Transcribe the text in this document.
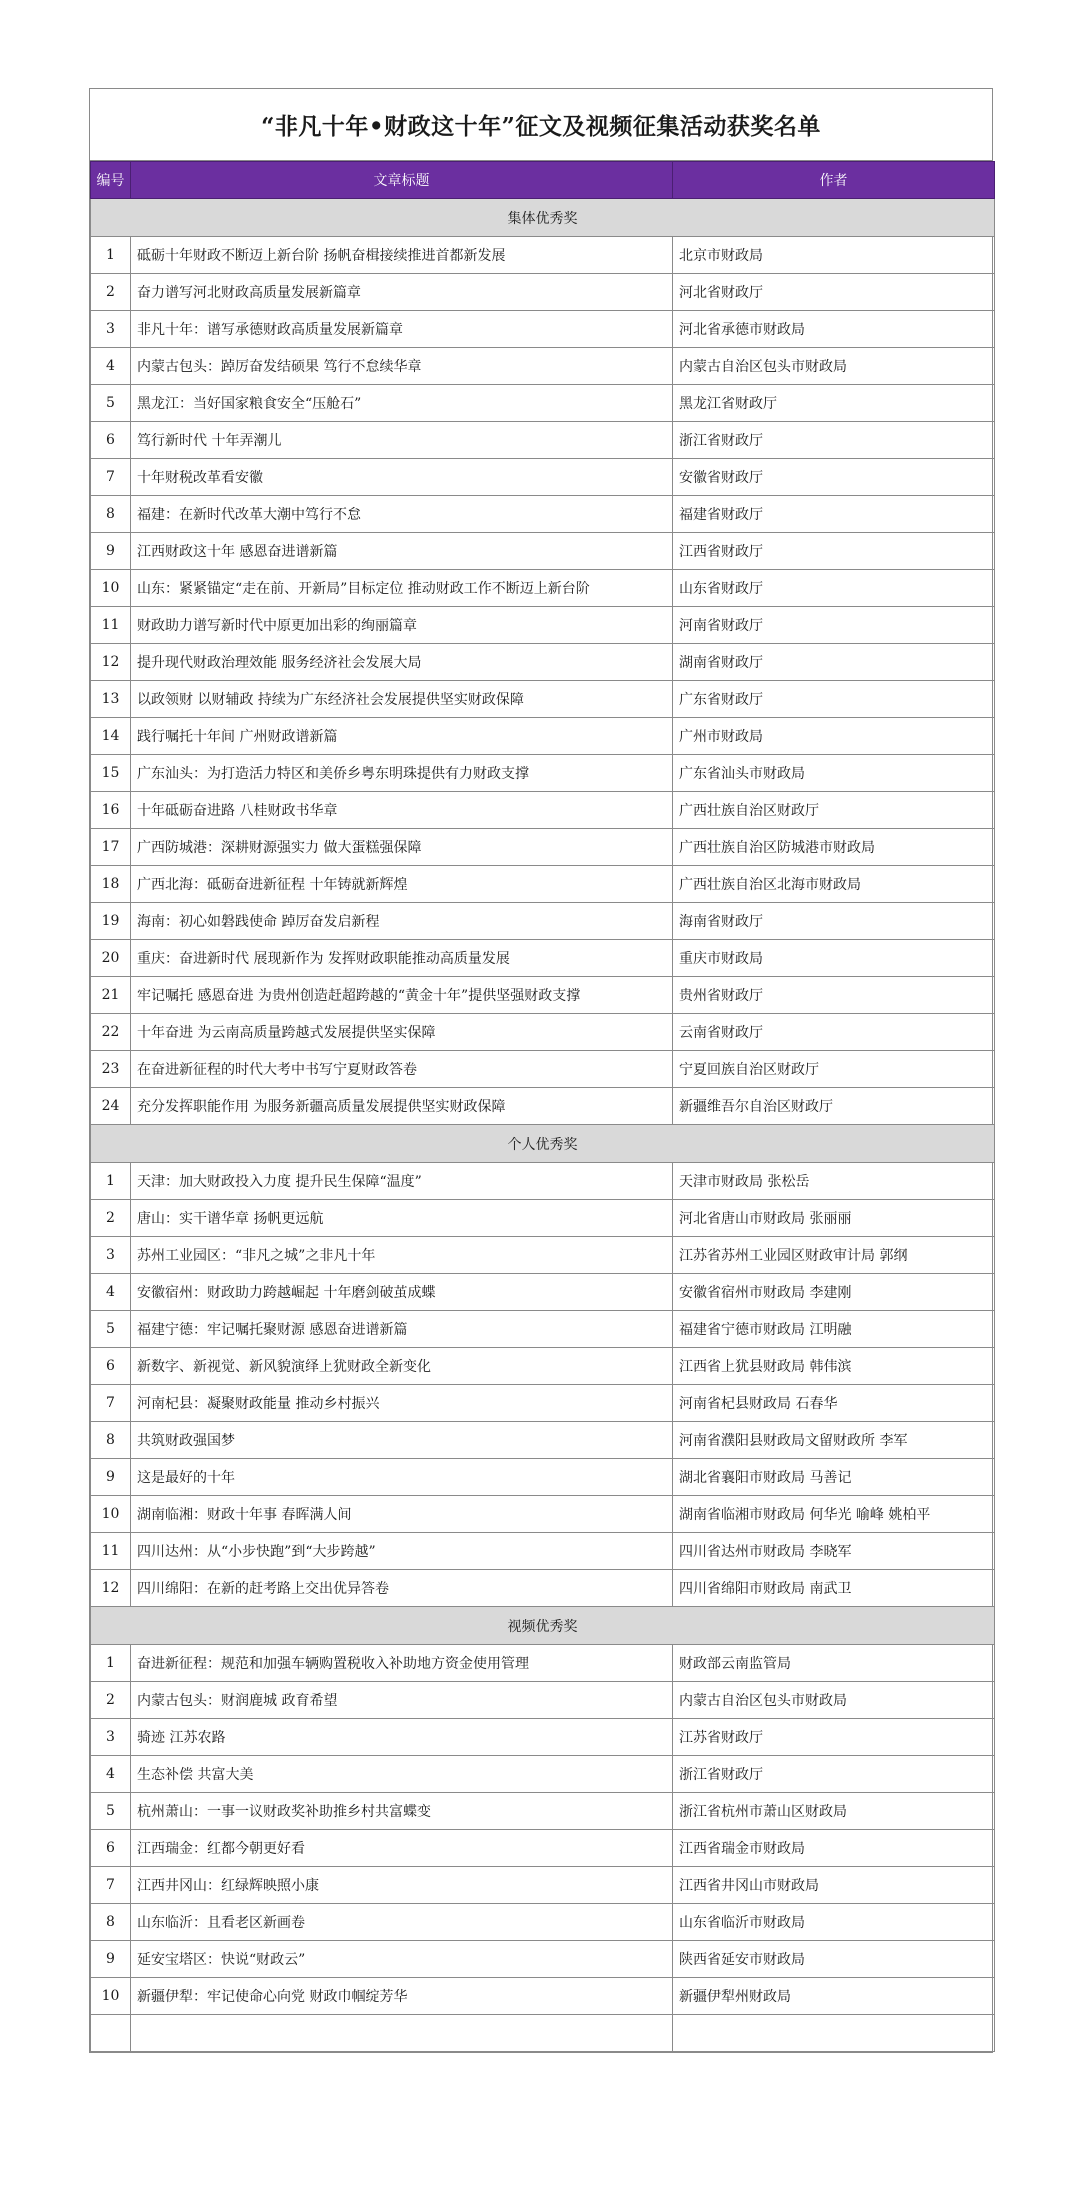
“非凡十年•财政这十年”征文及视频征集活动获奖名单
编号	文章标题	作者
集体优秀奖		
1	砥砺十年财政不断迈上新台阶 扬帆奋楫接续推进首都新发展	北京市财政局
2	奋力谱写河北财政高质量发展新篇章	河北省财政厅
3	非凡十年：谱写承德财政高质量发展新篇章	河北省承德市财政局
4	内蒙古包头：踔厉奋发结硕果 笃行不怠续华章	内蒙古自治区包头市财政局
5	黑龙江：当好国家粮食安全“压舱石”	黑龙江省财政厅
6	笃行新时代 十年弄潮儿	浙江省财政厅
7	十年财税改革看安徽	安徽省财政厅
8	福建：在新时代改革大潮中笃行不怠	福建省财政厅
9	江西财政这十年 感恩奋进谱新篇	江西省财政厅
10	山东：紧紧锚定“走在前、开新局”目标定位 推动财政工作不断迈上新台阶	山东省财政厅
11	财政助力谱写新时代中原更加出彩的绚丽篇章	河南省财政厅
12	提升现代财政治理效能 服务经济社会发展大局	湖南省财政厅
13	以政领财 以财辅政 持续为广东经济社会发展提供坚实财政保障	广东省财政厅
14	践行嘱托十年间 广州财政谱新篇	广州市财政局
15	广东汕头：为打造活力特区和美侨乡粤东明珠提供有力财政支撑	广东省汕头市财政局
16	十年砥砺奋进路 八桂财政书华章	广西壮族自治区财政厅
17	广西防城港：深耕财源强实力 做大蛋糕强保障	广西壮族自治区防城港市财政局
18	广西北海：砥砺奋进新征程 十年铸就新辉煌	广西壮族自治区北海市财政局
19	海南：初心如磐践使命 踔厉奋发启新程	海南省财政厅
20	重庆：奋进新时代 展现新作为 发挥财政职能推动高质量发展	重庆市财政局
21	牢记嘱托 感恩奋进 为贵州创造赶超跨越的“黄金十年”提供坚强财政支撑	贵州省财政厅
22	十年奋进 为云南高质量跨越式发展提供坚实保障	云南省财政厅
23	在奋进新征程的时代大考中书写宁夏财政答卷	宁夏回族自治区财政厅
24	充分发挥职能作用 为服务新疆高质量发展提供坚实财政保障	新疆维吾尔自治区财政厅
个人优秀奖		
1	天津：加大财政投入力度 提升民生保障“温度”	天津市财政局 张松岳
2	唐山：实干谱华章 扬帆更远航	河北省唐山市财政局 张丽丽
3	苏州工业园区：“非凡之城”之非凡十年	江苏省苏州工业园区财政审计局 郭纲
4	安徽宿州：财政助力跨越崛起 十年磨剑破茧成蝶	安徽省宿州市财政局 李建刚
5	福建宁德：牢记嘱托聚财源 感恩奋进谱新篇	福建省宁德市财政局 江明融
6	新数字、新视觉、新风貌演绎上犹财政全新变化	江西省上犹县财政局 韩伟滨
7	河南杞县：凝聚财政能量 推动乡村振兴	河南省杞县财政局 石春华
8	共筑财政强国梦	河南省濮阳县财政局文留财政所 李军
9	这是最好的十年	湖北省襄阳市财政局 马善记
10	湖南临湘：财政十年事 春晖满人间	湖南省临湘市财政局 何华光 喻峰 姚柏平
11	四川达州：从“小步快跑”到“大步跨越”	四川省达州市财政局 李晓军
12	四川绵阳：在新的赶考路上交出优异答卷	四川省绵阳市财政局 南武卫
视频优秀奖		
1	奋进新征程：规范和加强车辆购置税收入补助地方资金使用管理	财政部云南监管局
2	内蒙古包头：财润鹿城 政育希望	内蒙古自治区包头市财政局
3	骑迹 江苏农路	江苏省财政厅
4	生态补偿 共富大美	浙江省财政厅
5	杭州萧山：一事一议财政奖补助推乡村共富蝶变	浙江省杭州市萧山区财政局
6	江西瑞金：红都今朝更好看	江西省瑞金市财政局
7	江西井冈山：红绿辉映照小康	江西省井冈山市财政局
8	山东临沂：且看老区新画卷	山东省临沂市财政局
9	延安宝塔区：快说“财政云”	陕西省延安市财政局
10	新疆伊犁：牢记使命心向党 财政巾帼绽芳华	新疆伊犁州财政局
